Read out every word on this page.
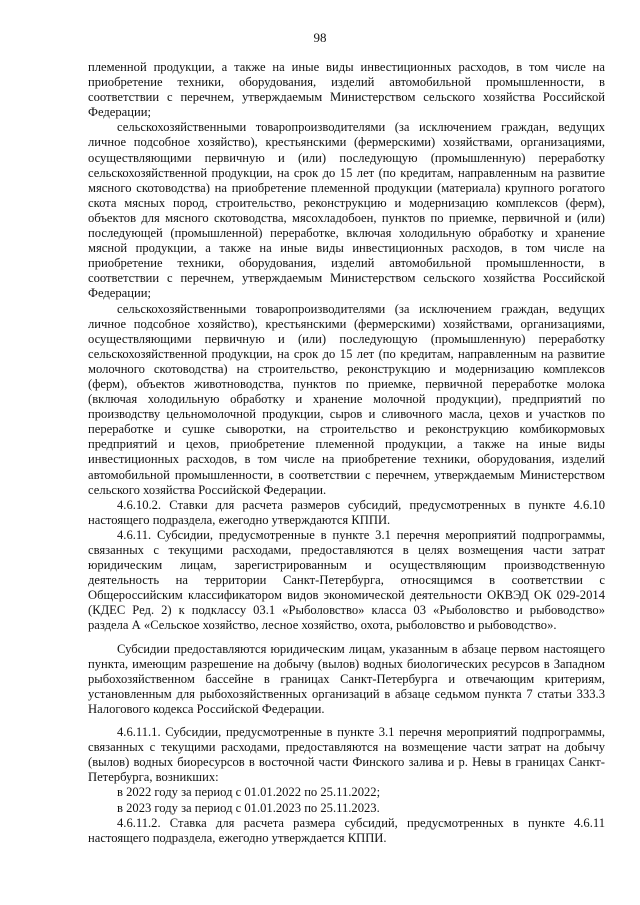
98

племенной продукции, а также на иные виды инвестиционных расходов, в том числе на приобретение техники, оборудования, изделий автомобильной промышленности, в соответствии с перечнем, утверждаемым Министерством сельского хозяйства Российской Федерации;

сельскохозяйственными товаропроизводителями (за исключением граждан, ведущих личное подсобное хозяйство), крестьянскими (фермерскими) хозяйствами, организациями, осуществляющими первичную и (или) последующую (промышленную) переработку сельскохозяйственной продукции, на срок до 15 лет (по кредитам, направленным на развитие мясного скотоводства) на приобретение племенной продукции (материала) крупного рогатого скота мясных пород, строительство, реконструкцию и модернизацию комплексов (ферм), объектов для мясного скотоводства, мясохладобоен, пунктов по приемке, первичной и (или) последующей (промышленной) переработке, включая холодильную обработку и хранение мясной продукции, а также на иные виды инвестиционных расходов, в том числе на приобретение техники, оборудования, изделий автомобильной промышленности, в соответствии с перечнем, утверждаемым Министерством сельского хозяйства Российской Федерации;

сельскохозяйственными товаропроизводителями (за исключением граждан, ведущих личное подсобное хозяйство), крестьянскими (фермерскими) хозяйствами, организациями, осуществляющими первичную и (или) последующую (промышленную) переработку сельскохозяйственной продукции, на срок до 15 лет (по кредитам, направленным на развитие молочного скотоводства) на строительство, реконструкцию и модернизацию комплексов (ферм), объектов животноводства, пунктов по приемке, первичной переработке молока (включая холодильную обработку и хранение молочной продукции), предприятий по производству цельномолочной продукции, сыров и сливочного масла, цехов и участков по переработке и сушке сыворотки, на строительство и реконструкцию комбикормовых предприятий и цехов, приобретение племенной продукции, а также на иные виды инвестиционных расходов, в том числе на приобретение техники, оборудования, изделий автомобильной промышленности, в соответствии с перечнем, утверждаемым Министерством сельского хозяйства Российской Федерации.

4.6.10.2. Ставки для расчета размеров субсидий, предусмотренных в пункте 4.6.10 настоящего подраздела, ежегодно утверждаются КППИ.

4.6.11. Субсидии, предусмотренные в пункте 3.1 перечня мероприятий подпрограммы, связанных с текущими расходами, предоставляются в целях возмещения части затрат юридическим лицам, зарегистрированным и осуществляющим производственную деятельность на территории Санкт-Петербурга, относящимся в соответствии с Общероссийским классификатором видов экономической деятельности ОКВЭД ОК 029-2014 (КДЕС Ред. 2) к подклассу 03.1 «Рыболовство» класса 03 «Рыболовство и рыбоводство» раздела А «Сельское хозяйство, лесное хозяйство, охота, рыболовство и рыбоводство».

Субсидии предоставляются юридическим лицам, указанным в абзаце первом настоящего пункта, имеющим разрешение на добычу (вылов) водных биологических ресурсов в Западном рыбохозяйственном бассейне в границах Санкт-Петербурга и отвечающим критериям, установленным для рыбохозяйственных организаций в абзаце седьмом пункта 7 статьи 333.3 Налогового кодекса Российской Федерации.

4.6.11.1. Субсидии, предусмотренные в пункте 3.1 перечня мероприятий подпрограммы, связанных с текущими расходами, предоставляются на возмещение части затрат на добычу (вылов) водных биоресурсов в восточной части Финского залива и р. Невы в границах Санкт-Петербурга, возникших:

в 2022 году за период с 01.01.2022 по 25.11.2022;

в 2023 году за период с 01.01.2023 по 25.11.2023.

4.6.11.2. Ставка для расчета размера субсидий, предусмотренных в пункте 4.6.11 настоящего подраздела, ежегодно утверждается КППИ.
